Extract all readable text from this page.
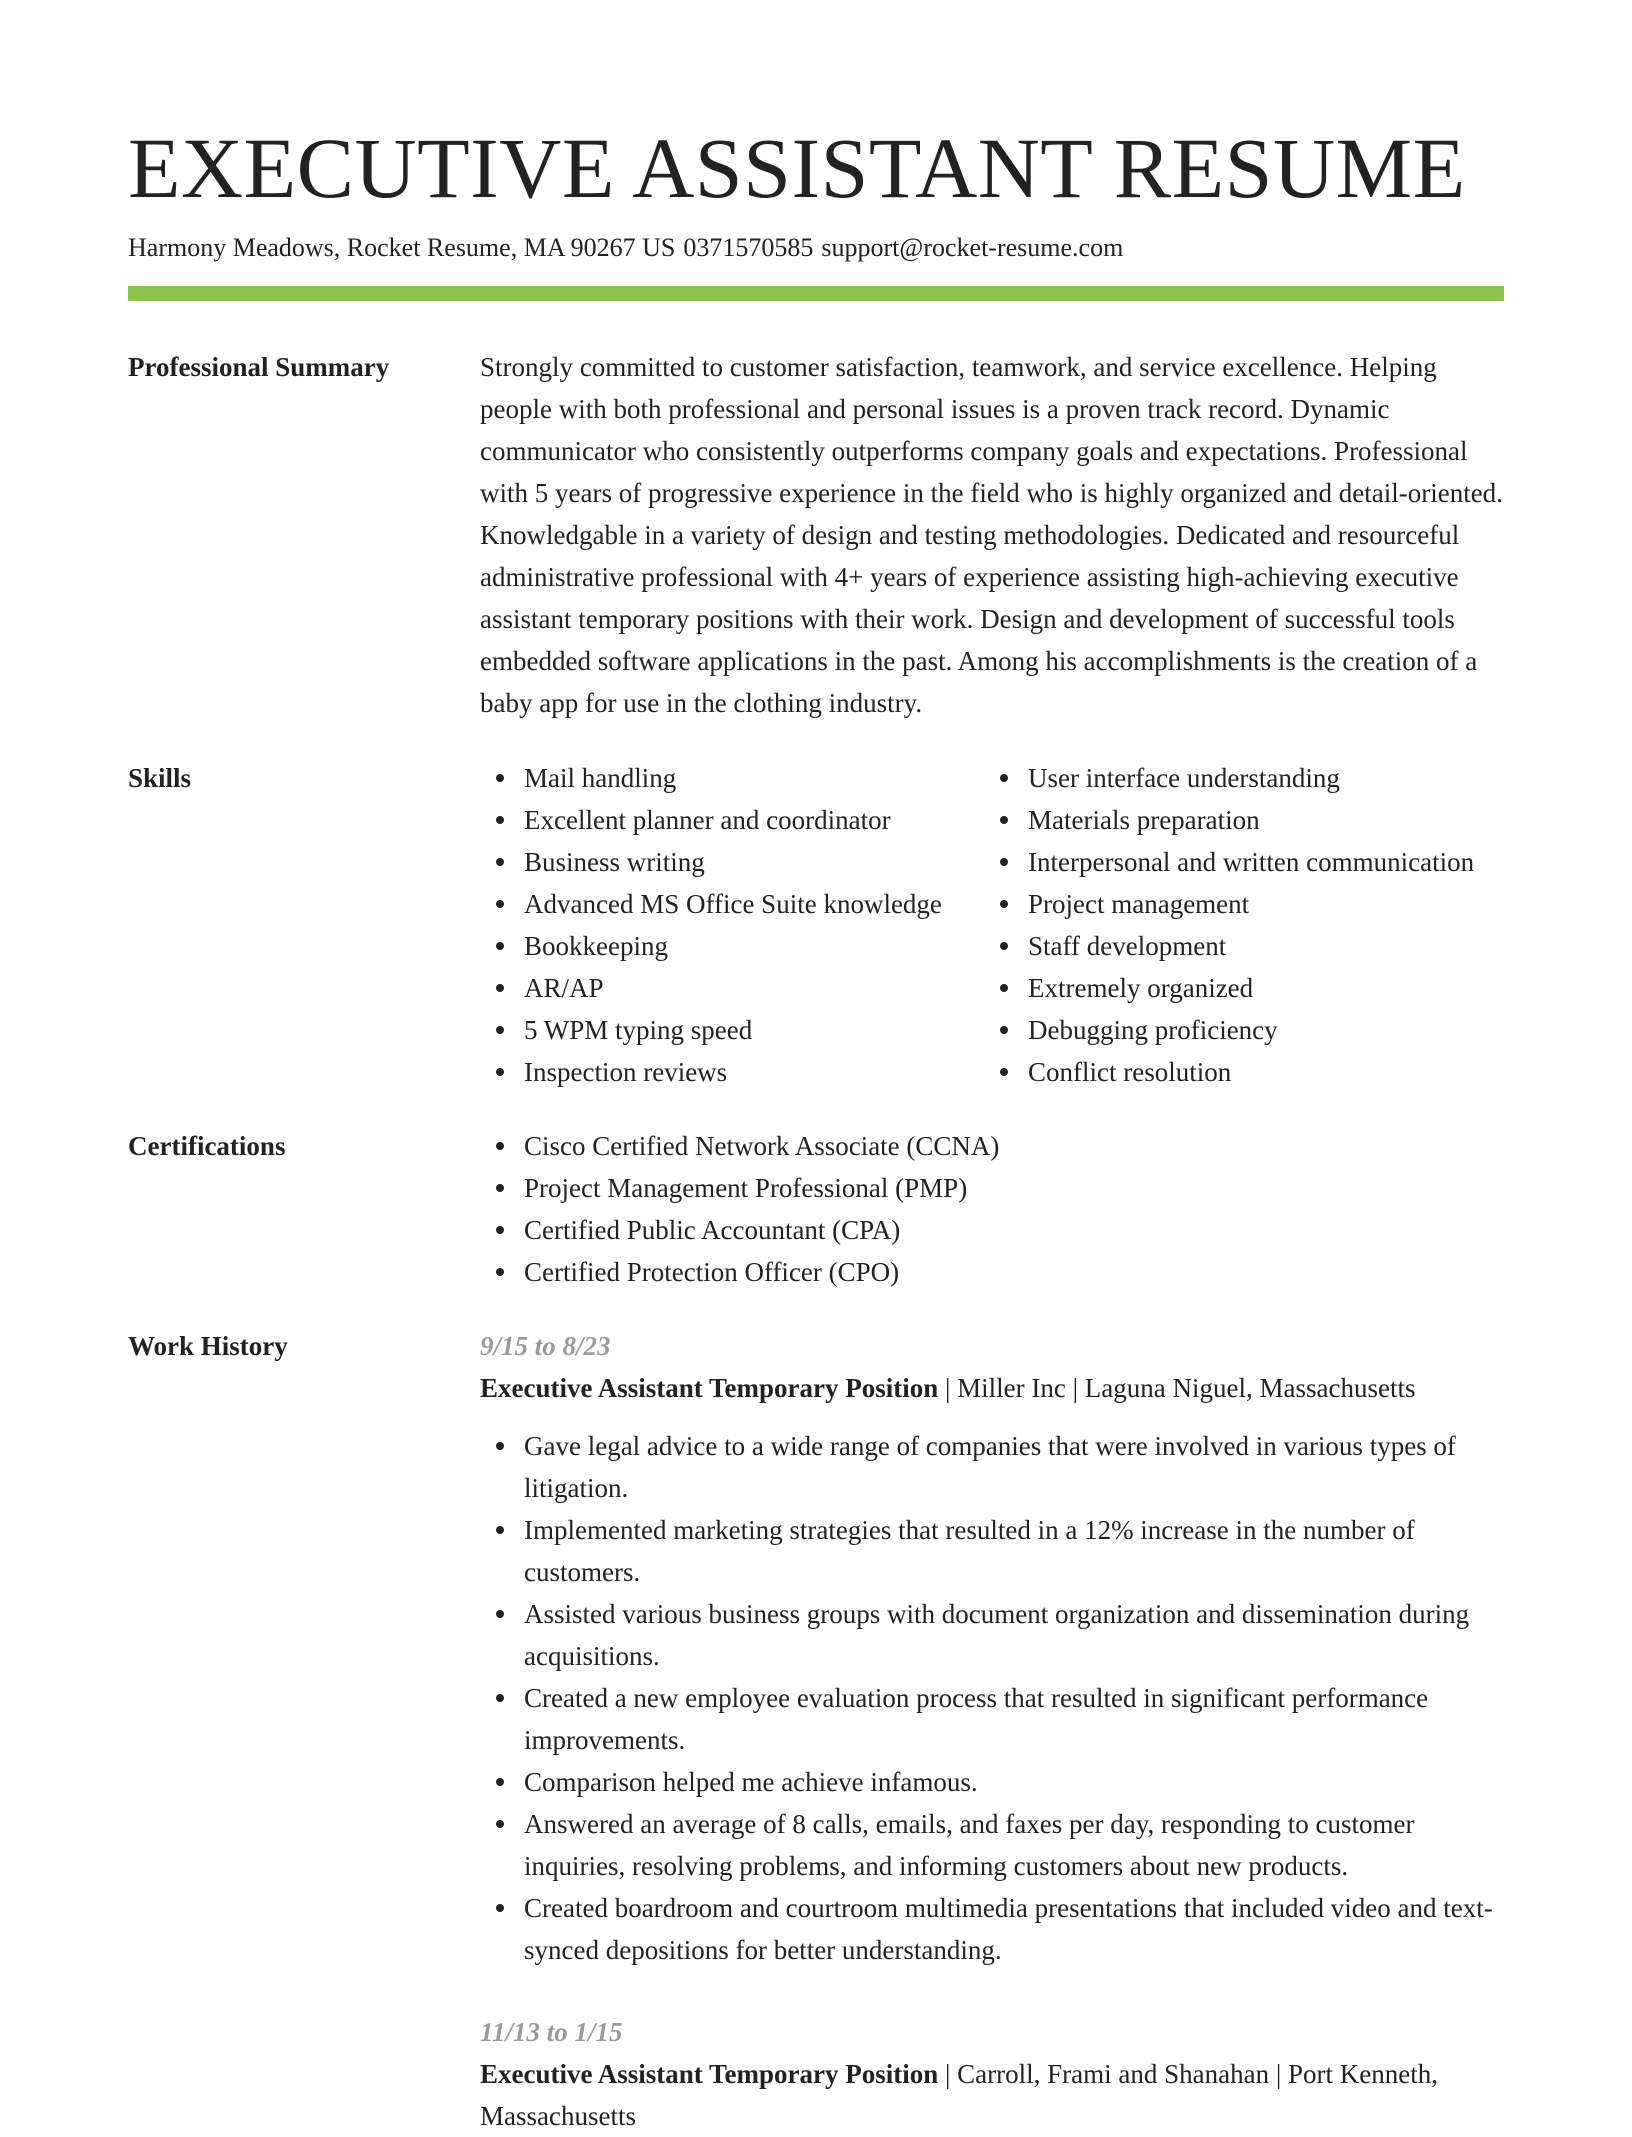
EXECUTIVE ASSISTANT RESUME
Harmony Meadows, Rocket Resume, MA 90267 US 0371570585 support@rocket-resume.com
Professional Summary	Strongly committed to customer satisfaction, teamwork, and service excellence. Helping people with both professional and personal issues is a proven track record. Dynamic communicator who consistently outperforms company goals and expectations. Professional with 5 years of progressive experience in the field who is highly organized and detail-oriented. Knowledgable in a variety of design and testing methodologies. Dedicated and resourceful administrative professional with 4+ years of experience assisting high-achieving executive assistant temporary positions with their work. Design and development of successful tools embedded software applications in the past. Among his accomplishments is the creation of a baby app for use in the clothing industry.
Skills	Mail handling
Excellent planner and coordinator
Business writing
Advanced MS Office Suite knowledge
Bookkeeping
AR/AP
5 WPM typing speed
Inspection reviews
User interface understanding
Materials preparation
Interpersonal and written communication
Project management
Staff development
Extremely organized
Debugging proficiency
Conflict resolution
Certifications	Cisco Certified Network Associate (CCNA)
Project Management Professional (PMP)
Certified Public Accountant (CPA)
Certified Protection Officer (CPO)
Work History	9/15 to 8/23
Executive Assistant Temporary Position | Miller Inc | Laguna Niguel, Massachusetts
Gave legal advice to a wide range of companies that were involved in various types of litigation.
Implemented marketing strategies that resulted in a 12% increase in the number of customers.
Assisted various business groups with document organization and dissemination during acquisitions.
Created a new employee evaluation process that resulted in significant performance improvements.
Comparison helped me achieve infamous.
Answered an average of 8 calls, emails, and faxes per day, responding to customer inquiries, resolving problems, and informing customers about new products.
Created boardroom and courtroom multimedia presentations that included video and text-synced depositions for better understanding.
11/13 to 1/15
Executive Assistant Temporary Position | Carroll, Frami and Shanahan | Port Kenneth, Massachusetts
